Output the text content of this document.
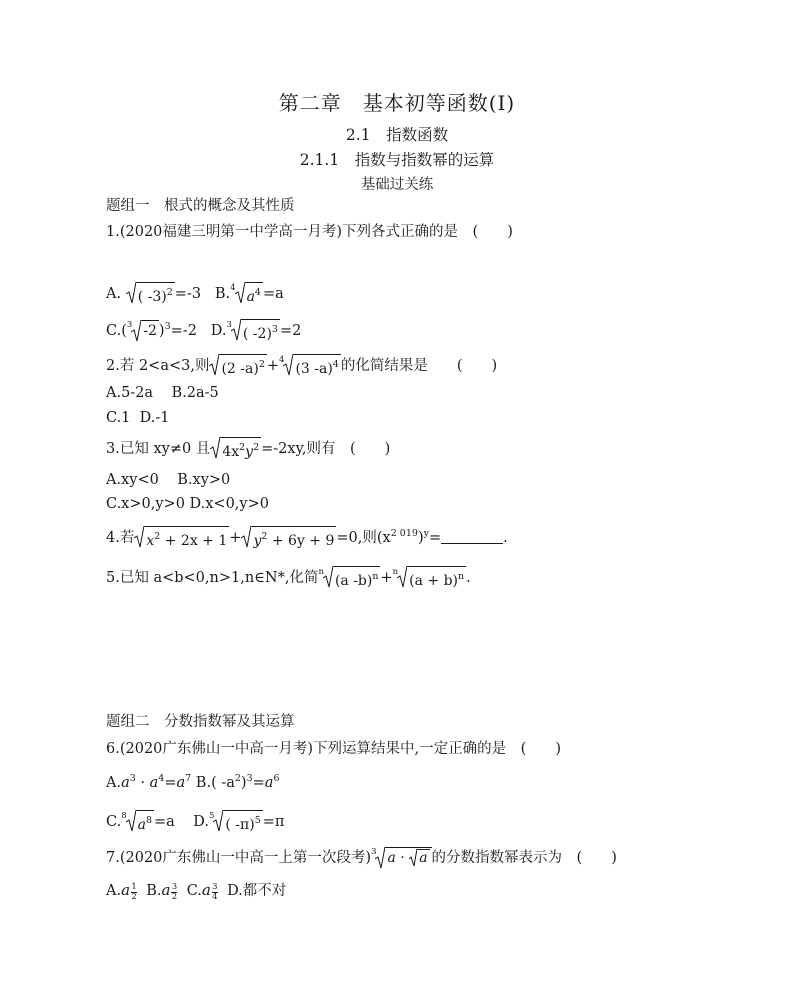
第二章　基本初等函数(Ⅰ)
2.1　指数函数
2.1.1　指数与指数幂的运算
基础过关练
题组一　根式的概念及其性质
1.(2020福建三明第一中学高一月考)下列各式正确的是　(　　)
A. ( -3)$^2$ =-3 B.$^4$
$a^4 =a$
C.($^3$ -2 )$^3$=-2 D.$^3$
( -2)$^3$ =2
2.若 2<a<3,则 (2 -a)$^2$ +$^4$
(3 -a)$^4$ 的化简结果是　　(　　)
A.5-2a B.2a-5
C.1 D.-1
3.已知 xy≠0 且 $4x^2y^2 =-2xy$,则有　(　　)
A.xy<0 B.xy>0
C.x>0,y>0 D.x<0,y>0
4.若 $x^2 + 2x + 1 + y^2 + 6y + 9 =0$,则$(x^{2 019})^y=$	.
5.已知 a<b<0,n>1,n∈N*,化简$^n$
(a -b)$^n$ +$^n$
$(a + b)^n$ .
题组二　分数指数幂及其运算
6.(2020广东佛山一中高一月考)下列运算结果中,一定正确的是　(　　)
$A.a^3 \cdot a^4=a^7$ B.( $-a^2)^3=a^6$
C.$^8$
$a^8 =a$ D.$^5$
( -π)$^5$ =π
7.(2020广东佛山一中高一上第一次段考)$^3$ a · a 的分数指数幂表示为　(　　)
$A.a \frac{1}{2} B.a \frac{3}{2} C.a \frac{3}{4} D$.都不对
